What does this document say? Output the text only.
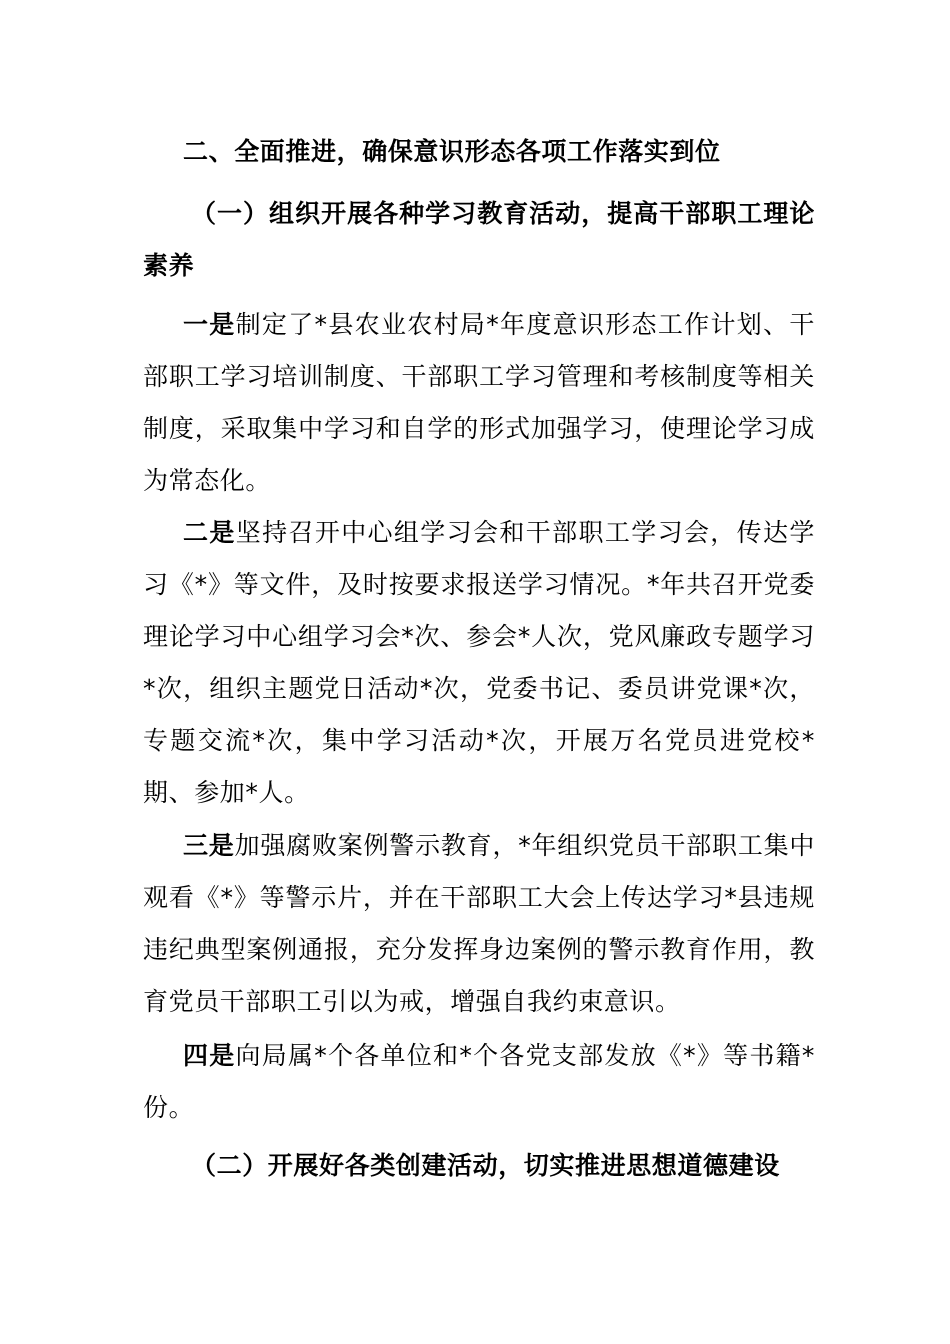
二、全面推进，确保意识形态各项工作落实到位

（一）组织开展各种学习教育活动，提高干部职工理论素养

一是制定了*县农业农村局*年度意识形态工作计划、干部职工学习培训制度、干部职工学习管理和考核制度等相关制度，采取集中学习和自学的形式加强学习，使理论学习成为常态化。

二是坚持召开中心组学习会和干部职工学习会，传达学习《*》等文件，及时按要求报送学习情况。*年共召开党委理论学习中心组学习会*次、参会*人次，党风廉政专题学习*次，组织主题党日活动*次，党委书记、委员讲党课*次，专题交流*次，集中学习活动*次，开展万名党员进党校*期、参加*人。

三是加强腐败案例警示教育，*年组织党员干部职工集中观看《*》等警示片，并在干部职工大会上传达学习*县违规违纪典型案例通报，充分发挥身边案例的警示教育作用，教育党员干部职工引以为戒，增强自我约束意识。

四是向局属*个各单位和*个各党支部发放《*》等书籍*份。

（二）开展好各类创建活动，切实推进思想道德建设
